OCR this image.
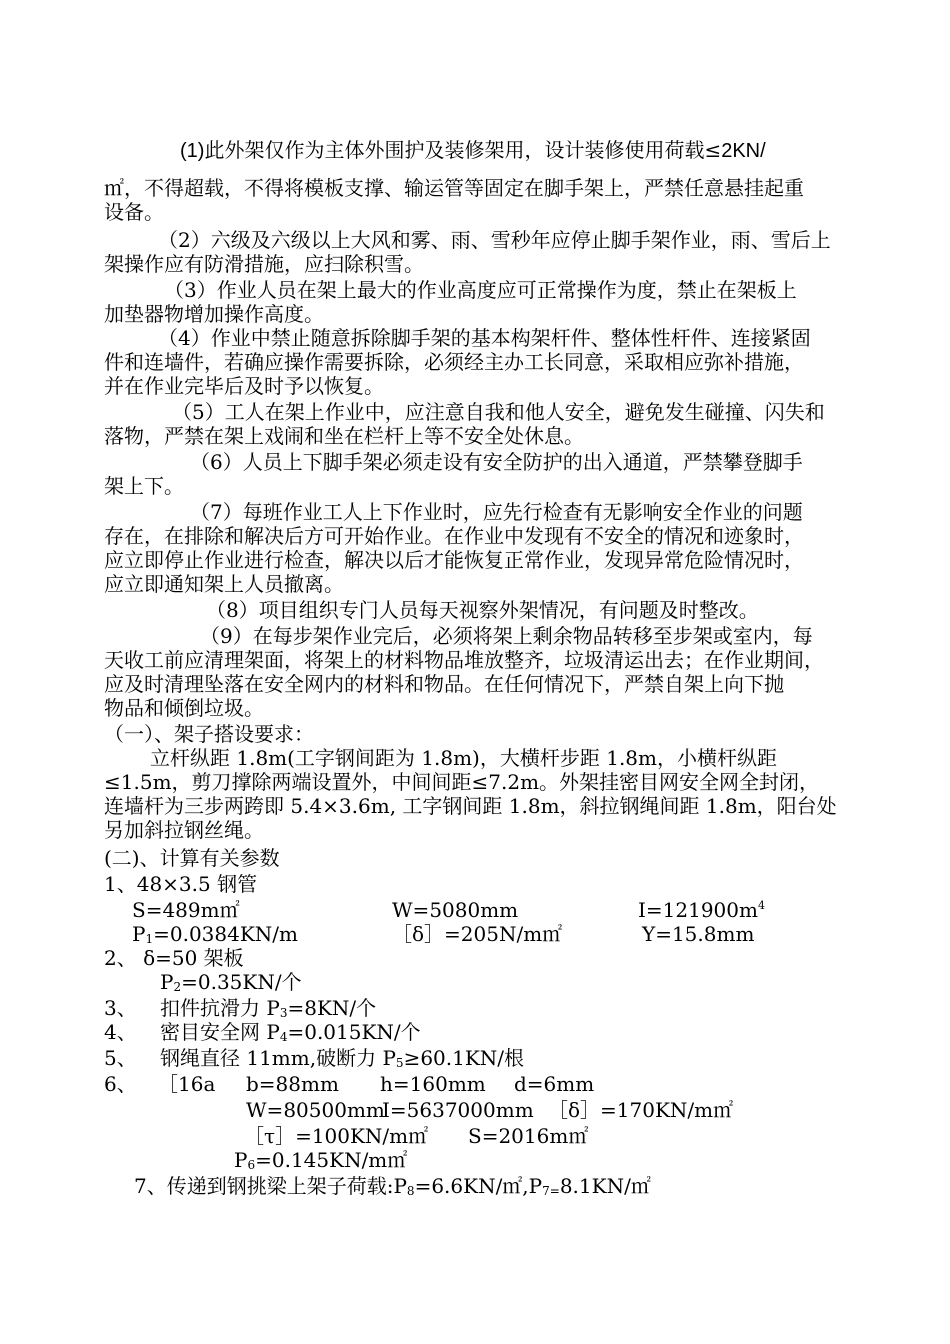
(1)此外架仅作为主体外围护及装修架用，设计装修使用荷载≤2KN/
㎡，不得超载，不得将模板支撑、输运管等固定在脚手架上，严禁任意悬挂起重
设备。
（2）六级及六级以上大风和雾、雨、雪秒年应停止脚手架作业，雨、雪后上
架操作应有防滑措施，应扫除积雪。
（3）作业人员在架上最大的作业高度应可正常操作为度，禁止在架板上
加垫器物增加操作高度。
（4）作业中禁止随意拆除脚手架的基本构架杆件、整体性杆件、连接紧固
件和连墙件，若确应操作需要拆除，必须经主办工长同意，采取相应弥补措施，
并在作业完毕后及时予以恢复。
（5）工人在架上作业中，应注意自我和他人安全，避免发生碰撞、闪失和
落物，严禁在架上戏闹和坐在栏杆上等不安全处休息。
（6）人员上下脚手架必须走设有安全防护的出入通道，严禁攀登脚手
架上下。
（7）每班作业工人上下作业时，应先行检查有无影响安全作业的问题
存在，在排除和解决后方可开始作业。在作业中发现有不安全的情况和迹象时，
应立即停止作业进行检查，解决以后才能恢复正常作业，发现异常危险情况时，
应立即通知架上人员撤离。
（8）项目组织专门人员每天视察外架情况，有问题及时整改。
（9）在每步架作业完后，必须将架上剩余物品转移至步架或室内，每
天收工前应清理架面，将架上的材料物品堆放整齐，垃圾清运出去；在作业期间，
应及时清理坠落在安全网内的材料和物品。在任何情况下，严禁自架上向下抛
物品和倾倒垃圾。
（一）、架子搭设要求：
立杆纵距 1.8m(工字钢间距为 1.8m)，大横杆步距 1.8m，小横杆纵距
≤1.5m，剪刀撑除两端设置外，中间间距≤7.2m。外架挂密目网安全网全封闭，
连墙杆为三步两跨即 5.4×3.6m, 工字钢间距 1.8m，斜拉钢绳间距 1.8m，阳台处
另加斜拉钢丝绳。
(二)、计算有关参数
1、48×3.5 钢管
S=489m㎡	W=5080mm	$I=121900m^4$
$P_1=0.0384KN/m$	［δ］=205N/m㎡	Y=15.8mm
2、 δ=50 架板
$P_2=0.35KN/$个
3、 扣件抗滑力 $P_3=8KN/$个
4、 密目安全网 $P_4=0.015KN/$个
5、 钢绳直径 11mm,破断力 $P_5\ge 60.1KN/$根
6、 ［16a b=88mm h=160mm d=6mm
W=80500mm
I=5637000mm ［δ］=170KN/m㎡
［τ］=100KN/m㎡ S=2016m㎡
$P_6=0.145KN/m㎡$
7、传递到钢挑梁上架子荷载$:P_8=6.6KN/㎡,P_{7=}8.1KN/㎡$
